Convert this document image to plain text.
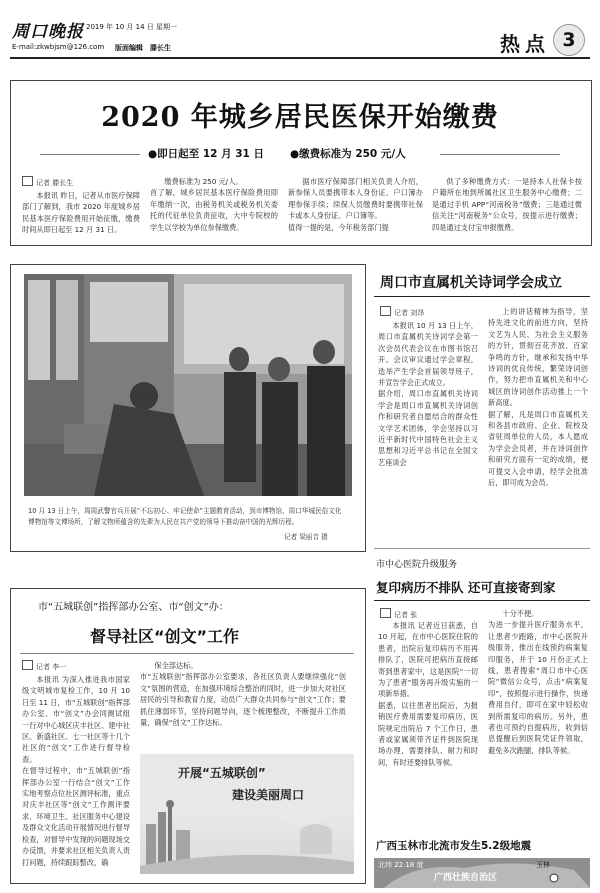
周口晚报 2019 年 10 月 14 日 星期一
E-mail:zkwbjsm@126.com 版面编辑 滕长生	热点 3
2020 年城乡居民医保开始缴费
●即日起至 12 月 31 日 ●缴费标准为 250 元/人
记者 滕长生
本报讯 昨日，记者从市医疗保障部门了解到，我市 2020 年度城乡居民基本医疗保险费用开始征缴，缴费时间从即日起至 12 月 31 日。
缴费标准为 250 元/人。
首了解，城乡居民基本医疗保险费用即年缴纳一次，由税务机关或税务机关委托的代征单位负责征收，大中专院校的学生以学校为单位参保缴费。
据市医疗保障部门相关负责人介绍，新参保人员要携带本人身份证、户口簿办理参保手续；续保人员缴费时要携带社保卡或本人身份证、户口簿等。
值得一提的是，今年税务部门提
供了多种缴费方式：一是持本人社保卡按户籍所在地到所属社区卫生服务中心缴费；二是通过手机 APP“河南税务”缴费；三是通过微信关注“河南税务”公众号，按提示进行缴费；四是通过支付宝申报缴费。
10 月 13 日上午，周周武警官兵开展“不忘初心、牢记使命”主题教育活动，到市博物馆、周口华城民俗文化博物馆等文博场所，了解文物所蕴含的先辈为人民在共产党的领导下推动奋中国的光辉历程。
记者 梁丽音 摄
周口市直属机关诗词学会成立
记者 刘昂
本报讯 10 月 13 日上午，周口市直属机关诗词学会第一次会员代表会议在市图书馆召开。会议审议通过学会章程，选举产生学会首届领导班子，并宣告学会正式成立。
据介绍，周口市直属机关诗词学会是周口市直属机关诗词创作和研究者自愿结合的群众性文学艺术团体，学会坚持以习近平新时代中国特色社会主义思想和习近平总书记在全国文艺座谈会
上的讲话精神为指导，坚持先进文化的前进方向，坚持文艺为人民、为社会主义服务的方针，贯彻百花齐放、百家争鸣的方针，继承和发扬中华诗词的优良传统，繁荣诗词创作，努力把市直属机关和中心城区的诗词创作活动推上一个新高度。
据了解，凡是周口市直属机关和各县市政府、企业、院校及省驻周单位的人员，本人愿成为学会会员者，并在诗词创作和研究方面有一定的成绩，便可提交入会申请，经学会批准后，即可成为会员。
市中心医院升级服务
复印病历不排队 还可直接寄到家
记者 张
本报讯 记者近日获悉，自 10 月起，在市中心医院住院的患者，出院后复印病历不用再排队了，医院可把病历直接邮寄到患者家中，这是医院“一切为了患者”服务再升级实施的一项新举措。
据悉，以往患者出院后，为报销医疗费用需要复印病历，医院规定出院后 7 个工作日，患者或家属须带齐证件到医院现场办理，需要排队、耐力和时间，有时还要排队等候。
十分不便。
为进一步提升医疗服务水平，让患者少跑路，市中心医院升级服务，推出在线预约病案复印服务，并于 10 月份正式上线，患者搜索“周口市中心医院”微信公众号，点击“病案复印”，按照提示进行操作，快递费用自付，即可在家中轻松收到所需复印的病历。另外，患者也可预约自提病历，收到信息提醒后到医院凭证件领取，避免多次跑腿，排队等候。
市“五城联创”指挥部办公室、市“创文”办：
督导社区“创文”工作
记者 李一
本报讯 为深入推进我市国家级文明城市复检工作，10 月 10 日至 11 日，市“五城联创”指挥部办公室、市“创文”办会同测试组一行对中心城区庆丰社区、建中社区、新盛社区、七一社区等十几个社区的“创文”工作进行督导检查。
在督导过程中，市“五城联创”指挥部办公室一行结合“创文”工作实地考察点位社区测评标准，重点对庆丰社区等“创文”工作测评要求、环境卫生、社区服务中心建设及群众文化活动开展情况进行督导检查，对督导中发现的问题现场交办反馈，并要求社区相关负责人责打问题，持续跟踪整改，确
保全部达标。
市“五城联创”指挥部办公室要求，各社区负责人要继续强化“创文”氛围的营造，在加强环境综合整治的同时，进一步加大对社区居民的引导和教育力度，动员广大群众共同参与“创文”工作；要抓住薄弱环节，坚持问题导向，逐个梳理整改，不断提升工作质量，确保“创文”工作达标。
开展“五城联创”
建设美丽周口
广西玉林市北流市发生5.2级地震
广西壮族自治区
玉林
北纬 22.18 度
